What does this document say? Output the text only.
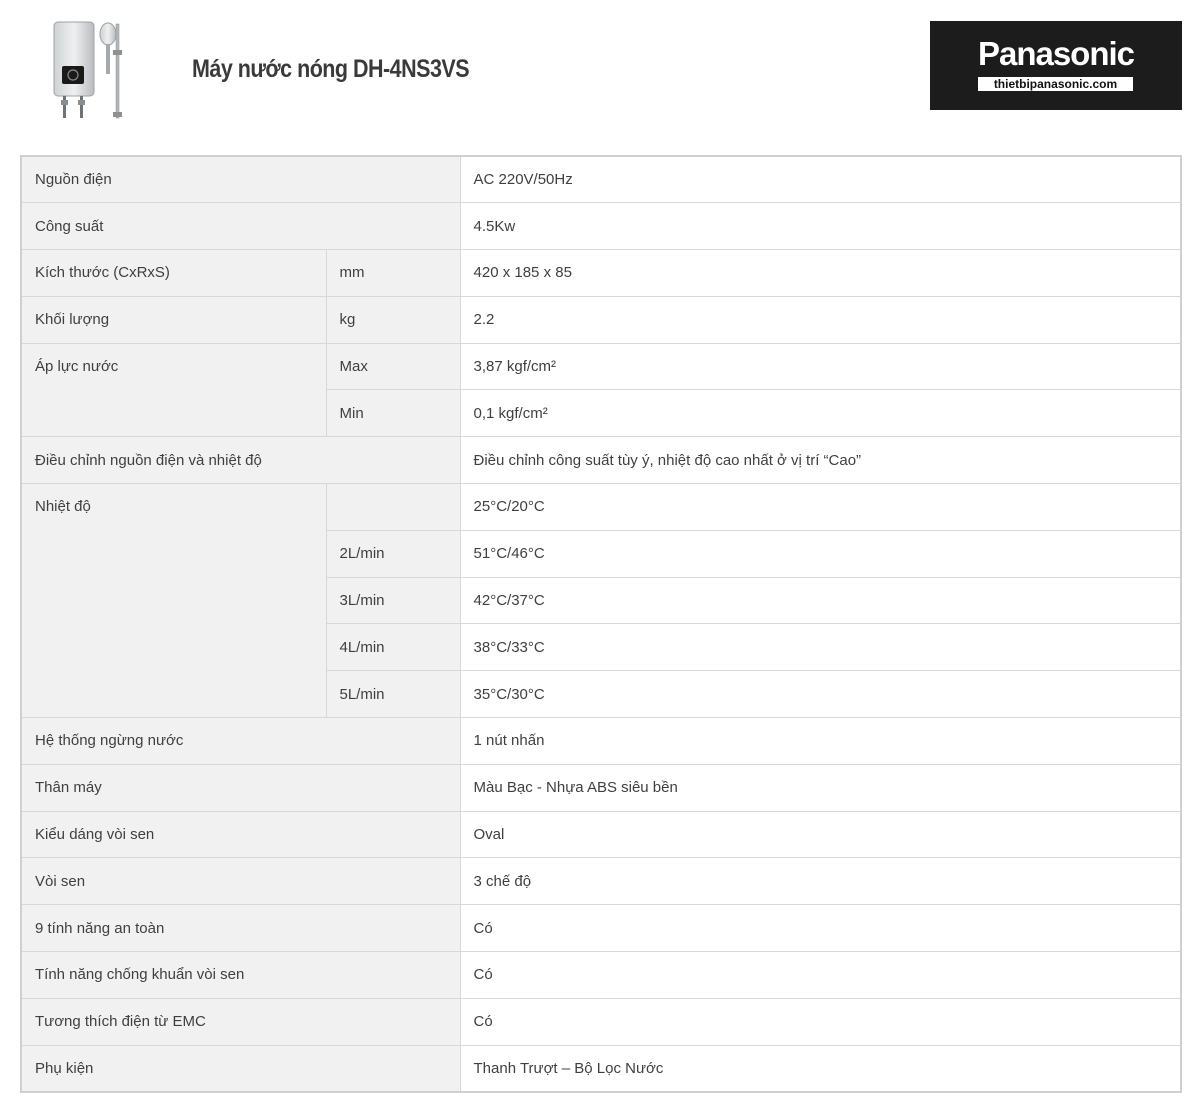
Máy nước nóng DH-4NS3VS	Panasonic
thietbipanasonic.com
Nguồn điện		AC 220V/50Hz
Công suất		4.5Kw
Kích thước (CxRxS)	mm	420 x 185 x 85
Khối lượng	kg	2.2
Áp lực nước	Max	3,87 kgf/cm²
	Min	0,1 kgf/cm²
Điều chỉnh nguồn điện và nhiệt độ		Điều chỉnh công suất tùy ý, nhiệt độ cao nhất ở vị trí “Cao”
Nhiệt độ		25°C/20°C
	2L/min	51°C/46°C
	3L/min	42°C/37°C
	4L/min	38°C/33°C
	5L/min	35°C/30°C
Hệ thống ngừng nước		1 nút nhấn
Thân máy		Màu Bạc - Nhựa ABS siêu bền
Kiểu dáng vòi sen		Oval
Vòi sen		3 chế độ
9 tính năng an toàn		Có
Tính năng chống khuẩn vòi sen		Có
Tương thích điện từ EMC		Có
Phụ kiện		Thanh Trượt – Bộ Lọc Nước
